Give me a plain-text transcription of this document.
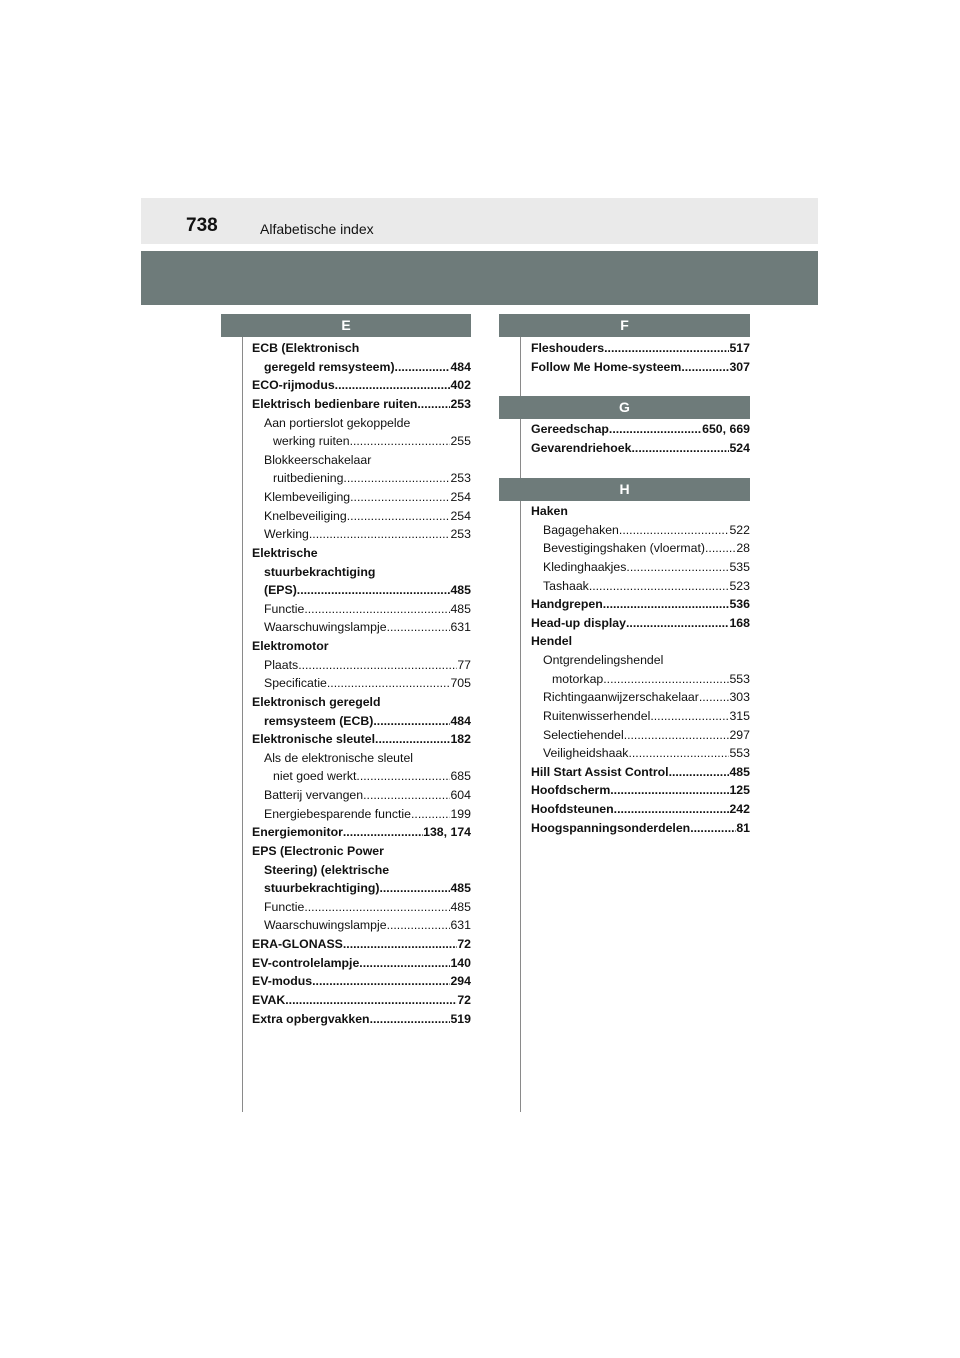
738	Alfabetische index
E
ECB (Elektronisch
geregeld remsysteem) .....	484
ECO-rijmodus .....	402
Elektrisch bedienbare ruiten .....	253
Aan portierslot gekoppelde
werking ruiten .....	255
Blokkeerschakelaar
ruitbediening .....	253
Klembeveiliging .....	254
Knelbeveiliging .....	254
Werking .....	253
Elektrische
stuurbekrachtiging
(EPS) .....	485
Functie .....	485
Waarschuwingslampje .....	631
Elektromotor
Plaats .....	77
Specificatie .....	705
Elektronisch geregeld
remsysteem (ECB) .....	484
Elektronische sleutel .....	182
Als de elektronische sleutel
niet goed werkt .....	685
Batterij vervangen .....	604
Energiebesparende functie .....	199
Energiemonitor .....	138, 174
EPS (Electronic Power
Steering) (elektrische
stuurbekrachtiging) .....	485
Functie .....	485
Waarschuwingslampje .....	631
ERA-GLONASS .....	72
EV-controlelampje .....	140
EV-modus .....	294
EVAK .....	72
Extra opbergvakken .....	519
F
Fleshouders .....	517
Follow Me Home-systeem .....	307
G
Gereedschap .....	650, 669
Gevarendriehoek .....	524
H
Haken
Bagagehaken .....	522
Bevestigingshaken (vloermat) .....	28
Kledinghaakjes .....	535
Tashaak .....	523
Handgrepen .....	536
Head-up display .....	168
Hendel
Ontgrendelingshendel
motorkap .....	553
Richtingaanwijzerschakelaar ..... 303
Ruitenwisserhendel .....	315
Selectiehendel .....	297
Veiligheidshaak .....	553
Hill Start Assist Control .....	485
Hoofdscherm .....	125
Hoofdsteunen .....	242
Hoogspanningsonderdelen .....	81
